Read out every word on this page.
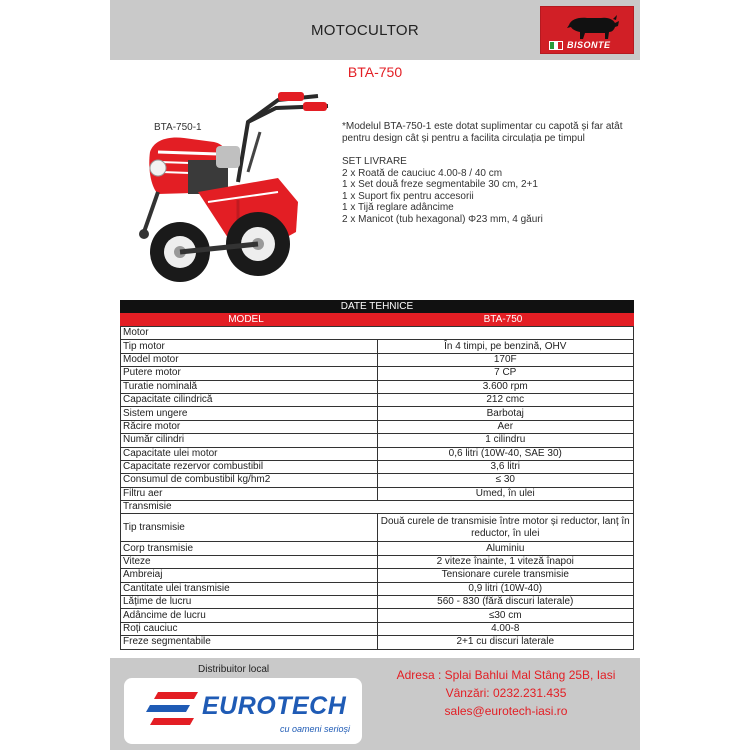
MOTOCULTOR
BISONTE
BTA-750
BTA-750-1	*Modelul BTA-750-1 este dotat suplimentar cu capotă și far atât pentru design cât și pentru a facilita circulația pe timpul
SET LIVRARE
2 x Roată de cauciuc 4.00-8 / 40 cm
1 x Set două freze segmentabile 30 cm, 2+1
1 x Suport fix pentru accesorii
1 x Tijă reglare adâncime
2 x Manicot (tub hexagonal) Φ23 mm, 4 găuri
DATE TEHNICE
MODEL	BTA-750
Motor	
Tip motor	În 4 timpi, pe benzină, OHV
Model motor	170F
Putere motor	7 CP
Turatie nominală	3.600 rpm
Capacitate cilindrică	212 cmc
Sistem ungere	Barbotaj
Răcire motor	Aer
Număr cilindri	1 cilindru
Capacitate ulei motor	0,6 litri (10W-40, SAE 30)
Capacitate rezervor combustibil	3,6 litri
Consumul de combustibil kg/hm2	≤ 30
Filtru aer	Umed, în ulei
Transmisie	
Tip transmisie	Două curele de transmisie între motor și reductor, lanț în reductor, în ulei
Corp transmisie	Aluminiu
Viteze	2 viteze înainte, 1 viteză înapoi
Ambreiaj	Tensionare curele transmisie
Cantitate ulei transmisie	0,9 litri (10W-40)
Lățime de lucru	560 - 830 (fără discuri laterale)
Adâncime de lucru	≤30 cm
Roți cauciuc	4.00-8
Freze segmentabile	2+1 cu discuri laterale
Distribuitor local
EUROTECH
cu oameni serioși
Adresa : Splai Bahlui Mal Stâng 25B, Iasi
Vânzări: 0232.231.435
sales@eurotech-iasi.ro
